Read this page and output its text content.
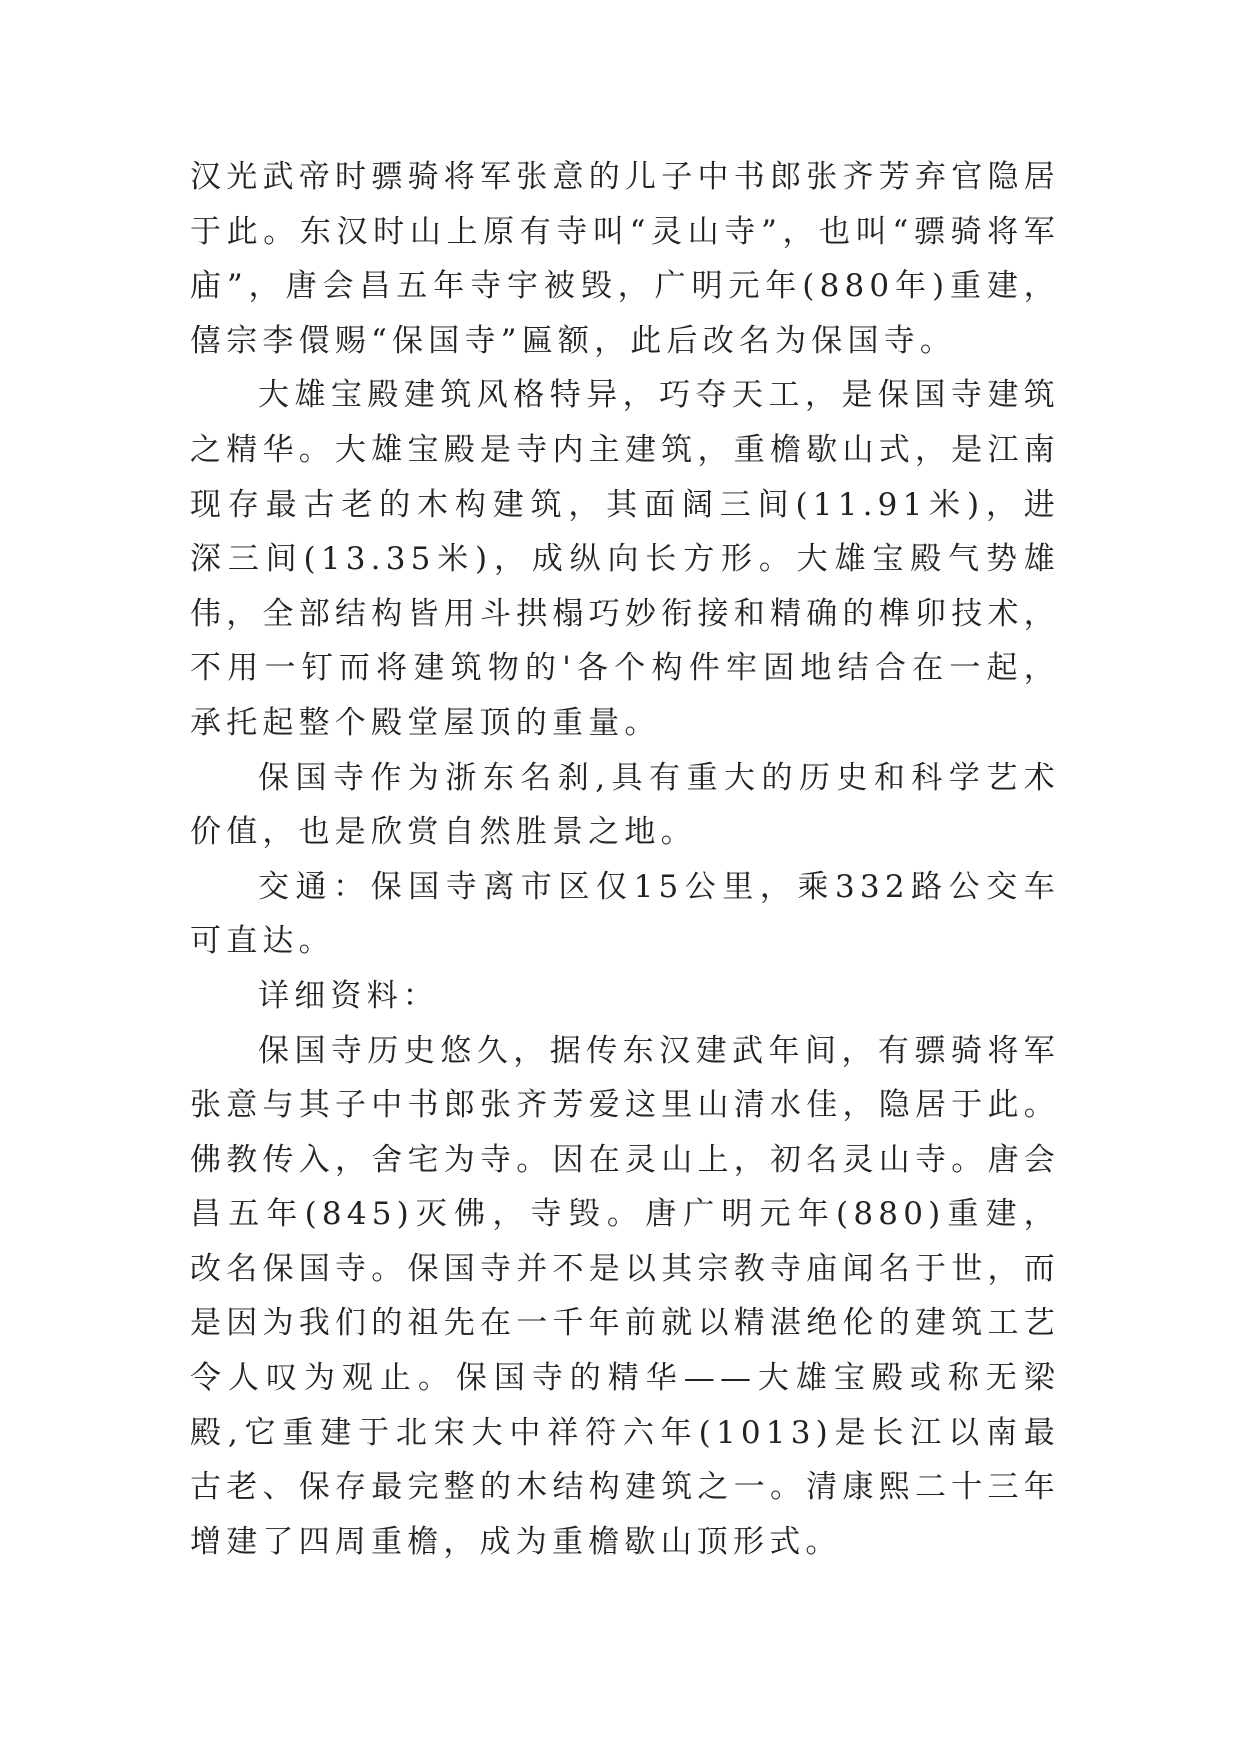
汉光武帝时骠骑将军张意的儿子中书郎张齐芳弃官隐居于此。东汉时山上原有寺叫“灵山寺”，也叫“骠骑将军庙”，唐会昌五年寺宇被毁，广明元年(880年)重建，僖宗李儇赐“保国寺”匾额，此后改名为保国寺。

大雄宝殿建筑风格特异，巧夺天工，是保国寺建筑之精华。大雄宝殿是寺内主建筑，重檐歇山式，是江南现存最古老的木构建筑，其面阔三间(11.91米)，进深三间(13.35米)，成纵向长方形。大雄宝殿气势雄伟，全部结构皆用斗拱榻巧妙衔接和精确的榫卯技术，不用一钉而将建筑物的'各个构件牢固地结合在一起，承托起整个殿堂屋顶的重量。

保国寺作为浙东名刹,具有重大的历史和科学艺术价值，也是欣赏自然胜景之地。

交通：保国寺离市区仅15公里，乘332路公交车可直达。

详细资料：

保国寺历史悠久，据传东汉建武年间，有骠骑将军张意与其子中书郎张齐芳爱这里山清水佳，隐居于此。佛教传入，舍宅为寺。因在灵山上，初名灵山寺。唐会昌五年(845)灭佛，寺毁。唐广明元年(880)重建，改名保国寺。保国寺并不是以其宗教寺庙闻名于世，而是因为我们的祖先在一千年前就以精湛绝伦的建筑工艺令人叹为观止。保国寺的精华——大雄宝殿或称无梁殿,它重建于北宋大中祥符六年(1013)是长江以南最古老、保存最完整的木结构建筑之一。清康熙二十三年增建了四周重檐，成为重檐歇山顶形式。
